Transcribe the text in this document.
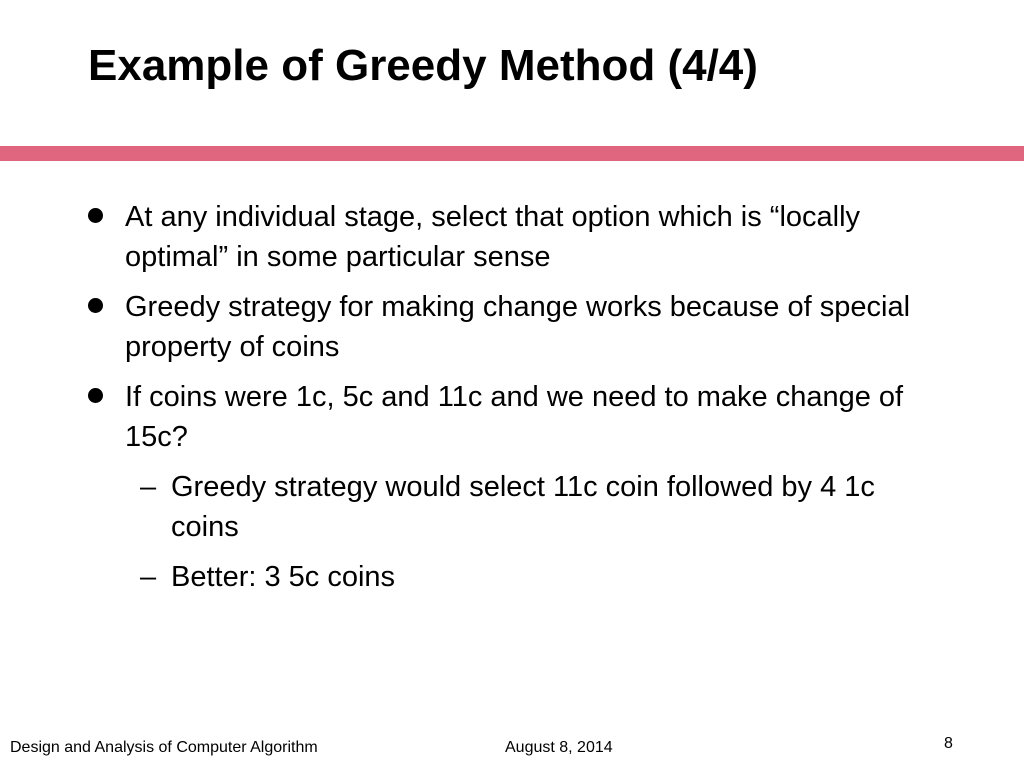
Example of Greedy Method (4/4)
At any individual stage, select that option which is “locally optimal” in some particular sense
Greedy strategy for making change works because of special property of coins
If coins were 1c, 5c and 11c and we need to make change of 15c?
– Greedy strategy would select 11c coin followed by 4 1c coins
– Better: 3 5c coins
Design and Analysis of Computer Algorithm	August 8, 2014	8
